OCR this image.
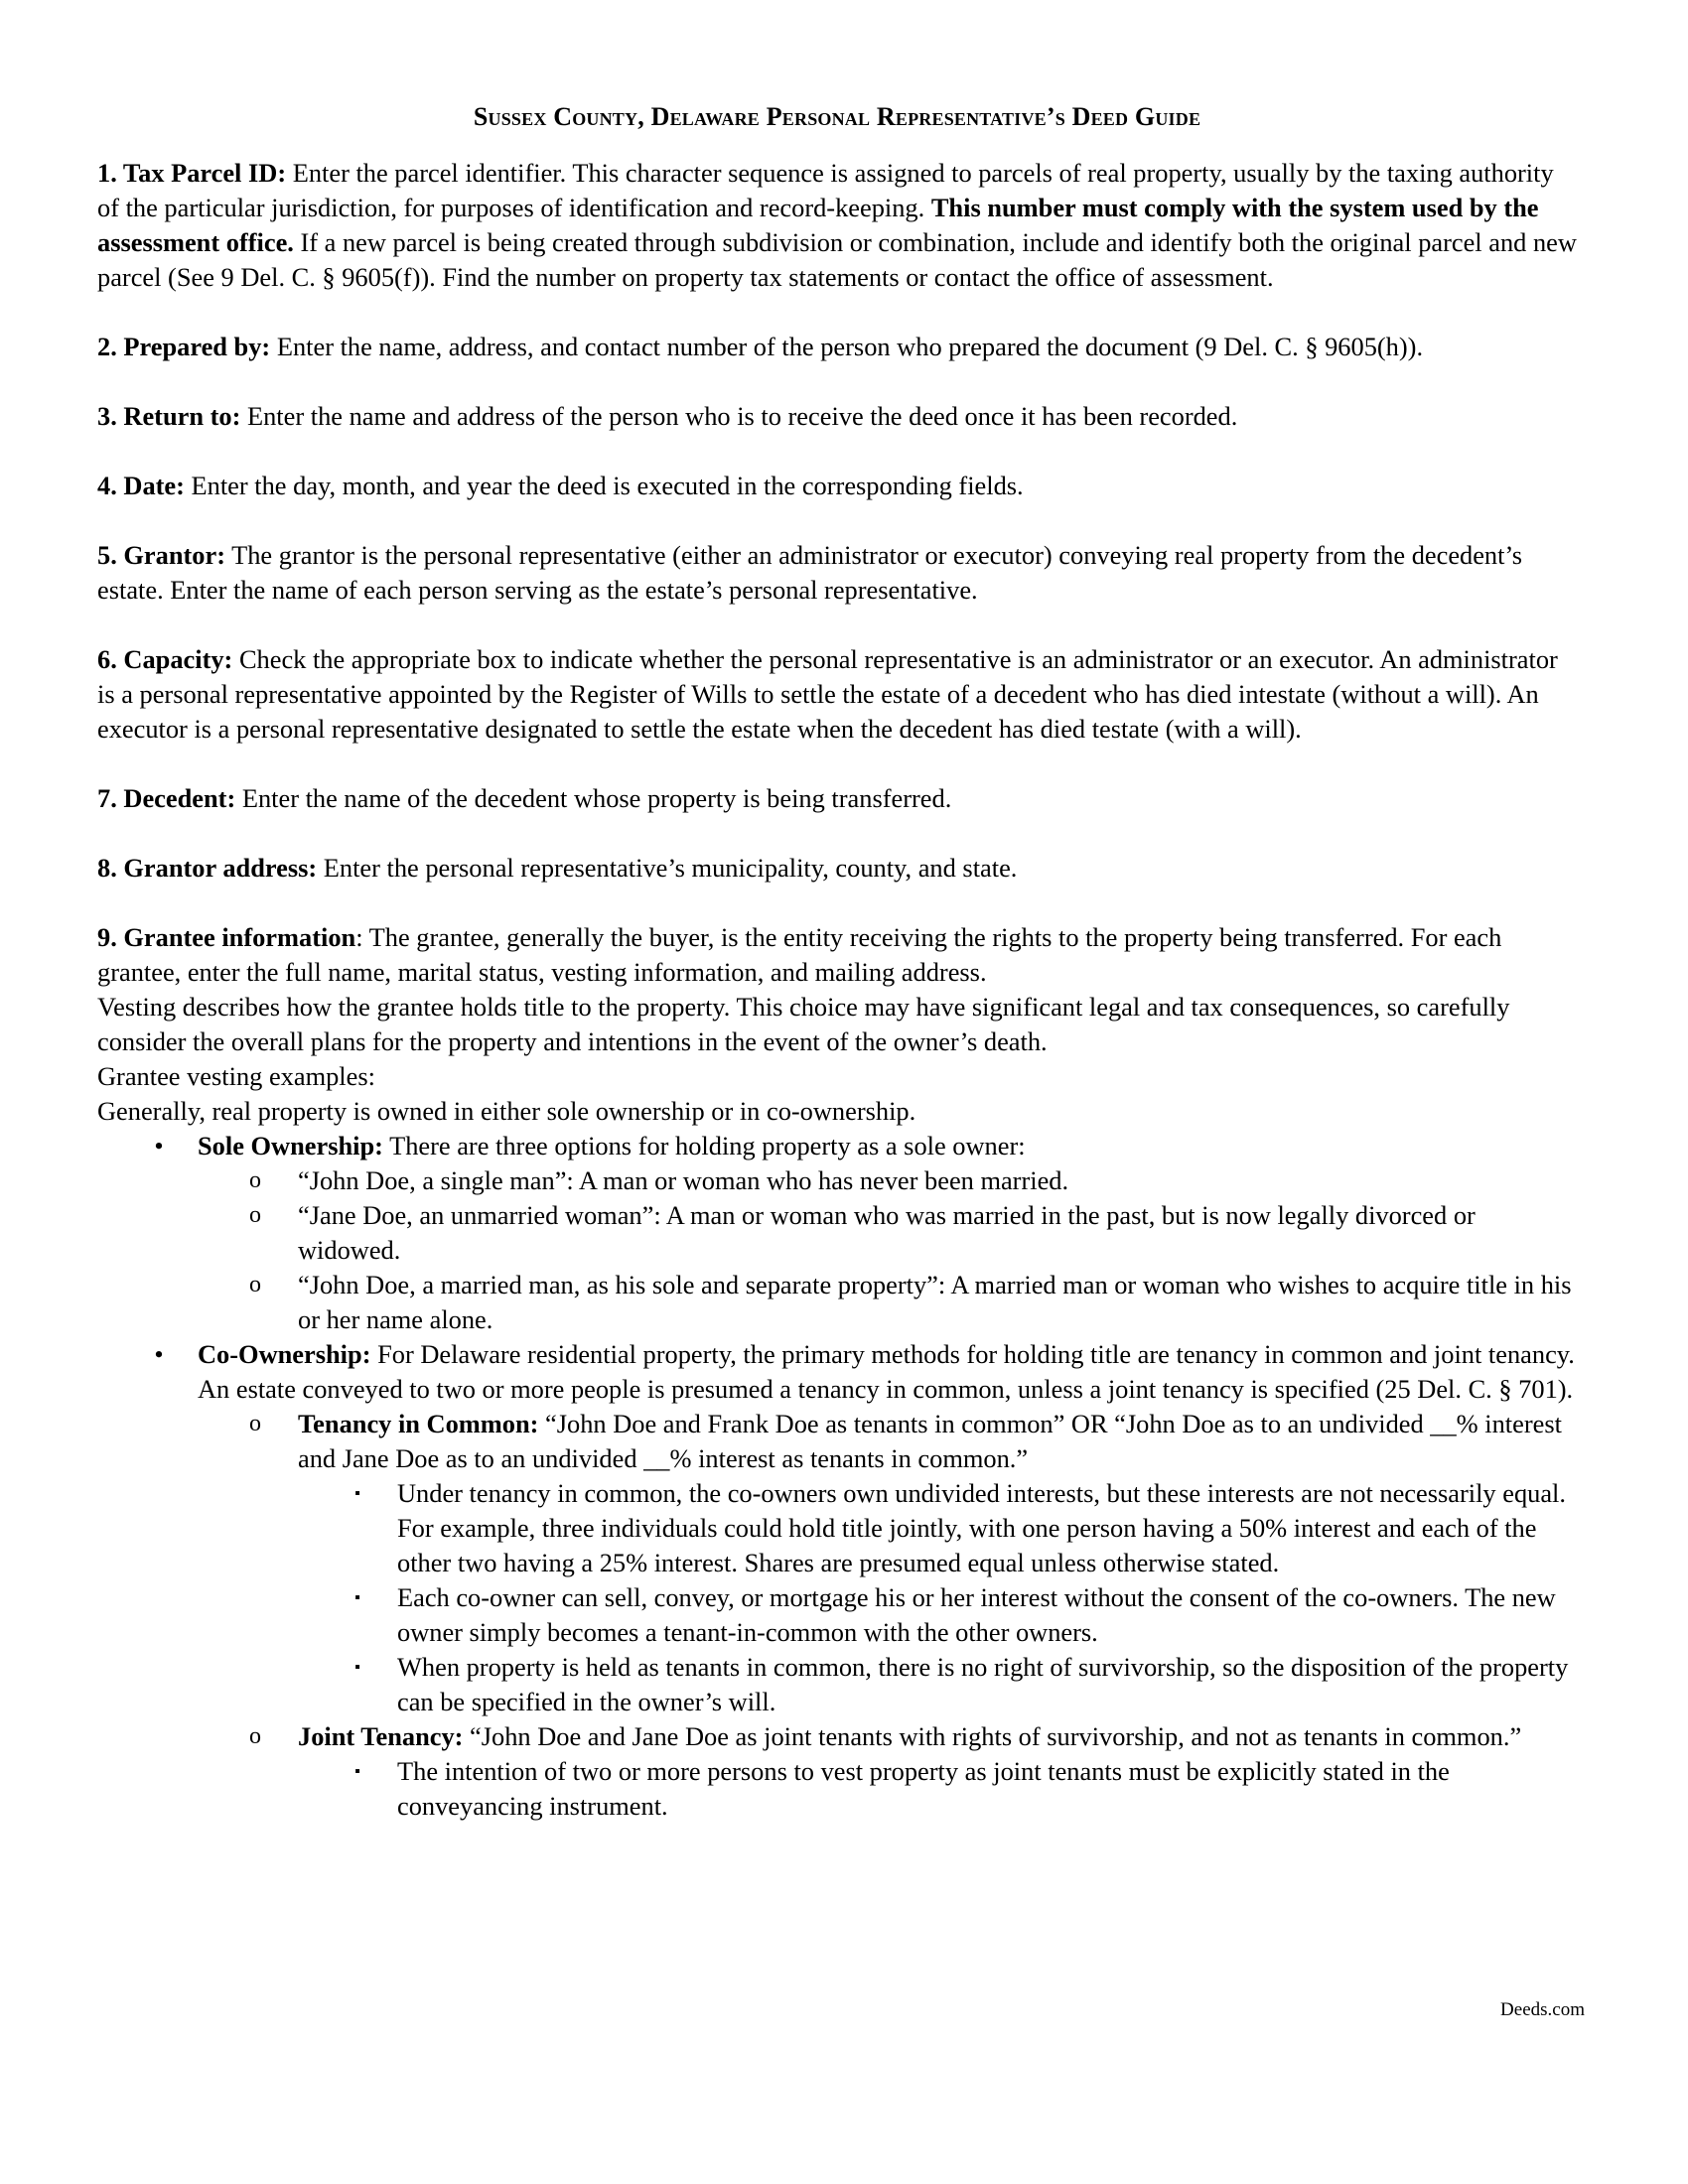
Sussex County, Delaware Personal Representative’s Deed Guide

1. Tax Parcel ID: Enter the parcel identifier. This character sequence is assigned to parcels of real property, usually by the taxing authority of the particular jurisdiction, for purposes of identification and record-keeping. This number must comply with the system used by the assessment office. If a new parcel is being created through subdivision or combination, include and identify both the original parcel and new parcel (See 9 Del. C. § 9605(f)). Find the number on property tax statements or contact the office of assessment.

2. Prepared by: Enter the name, address, and contact number of the person who prepared the document (9 Del. C. § 9605(h)).

3. Return to: Enter the name and address of the person who is to receive the deed once it has been recorded.

4. Date: Enter the day, month, and year the deed is executed in the corresponding fields.

5. Grantor: The grantor is the personal representative (either an administrator or executor) conveying real property from the decedent’s estate. Enter the name of each person serving as the estate’s personal representative.

6. Capacity: Check the appropriate box to indicate whether the personal representative is an administrator or an executor. An administrator is a personal representative appointed by the Register of Wills to settle the estate of a decedent who has died intestate (without a will). An executor is a personal representative designated to settle the estate when the decedent has died testate (with a will).

7. Decedent: Enter the name of the decedent whose property is being transferred.

8. Grantor address: Enter the personal representative’s municipality, county, and state.

9. Grantee information: The grantee, generally the buyer, is the entity receiving the rights to the property being transferred. For each grantee, enter the full name, marital status, vesting information, and mailing address.

Vesting describes how the grantee holds title to the property. This choice may have significant legal and tax consequences, so carefully consider the overall plans for the property and intentions in the event of the owner’s death.

Grantee vesting examples:

Generally, real property is owned in either sole ownership or in co-ownership.

• Sole Ownership: There are three options for holding property as a sole owner:
o “John Doe, a single man”: A man or woman who has never been married.
o “Jane Doe, an unmarried woman”: A man or woman who was married in the past, but is now legally divorced or widowed.
o “John Doe, a married man, as his sole and separate property”: A married man or woman who wishes to acquire title in his or her name alone.
• Co-Ownership: For Delaware residential property, the primary methods for holding title are tenancy in common and joint tenancy. An estate conveyed to two or more people is presumed a tenancy in common, unless a joint tenancy is specified (25 Del. C. § 701).
o Tenancy in Common: “John Doe and Frank Doe as tenants in common” OR “John Doe as to an undivided __% interest and Jane Doe as to an undivided __% interest as tenants in common.”
▪ Under tenancy in common, the co-owners own undivided interests, but these interests are not necessarily equal. For example, three individuals could hold title jointly, with one person having a 50% interest and each of the other two having a 25% interest. Shares are presumed equal unless otherwise stated.
▪ Each co-owner can sell, convey, or mortgage his or her interest without the consent of the co-owners. The new owner simply becomes a tenant-in-common with the other owners.
▪ When property is held as tenants in common, there is no right of survivorship, so the disposition of the property can be specified in the owner’s will.
o Joint Tenancy: “John Doe and Jane Doe as joint tenants with rights of survivorship, and not as tenants in common.”
▪ The intention of two or more persons to vest property as joint tenants must be explicitly stated in the conveyancing instrument.
Deeds.com
